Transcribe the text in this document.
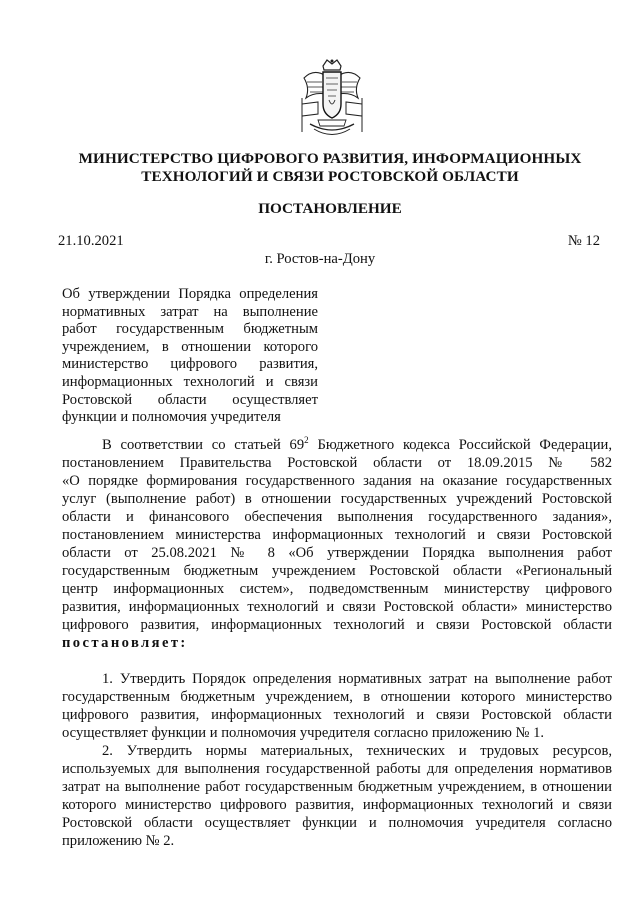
МИНИСТЕРСТВО ЦИФРОВОГО РАЗВИТИЯ, ИНФОРМАЦИОННЫХ
ТЕХНОЛОГИЙ И СВЯЗИ РОСТОВСКОЙ ОБЛАСТИ
ПОСТАНОВЛЕНИЕ
21.10.2021	№ 12
г. Ростов-на-Дону
Об утверждении Порядка определения
нормативных затрат на выполнение
работ государственным бюджетным
учреждением, в отношении которого
министерство цифрового развития,
информационных технологий и связи
Ростовской области осуществляет
функции и полномочия учредителя
В соответствии со статьей $69^2$ Бюджетного кодекса Российской Федерации,
постановлением Правительства Ростовской области от 18.09.2015 № 582
«О порядке формирования государственного задания на оказание государственных
услуг (выполнение работ) в отношении государственных учреждений Ростовской
области и финансового обеспечения выполнения государственного задания»,
постановлением министерства информационных технологий и связи Ростовской
области от 25.08.2021 № 8 «Об утверждении Порядка выполнения работ
государственным бюджетным учреждением Ростовской области «Региональный
центр информационных систем», подведомственным министерству цифрового
развития, информационных технологий и связи Ростовской области» министерство
цифрового развития, информационных технологий и связи Ростовской области
постановляет:
1. Утвердить Порядок определения нормативных затрат на выполнение работ
государственным бюджетным учреждением, в отношении которого министерство
цифрового развития, информационных технологий и связи Ростовской области
осуществляет функции и полномочия учредителя согласно приложению № 1.
2. Утвердить нормы материальных, технических и трудовых ресурсов,
используемых для выполнения государственной работы для определения нормативов
затрат на выполнение работ государственным бюджетным учреждением, в отношении
которого министерство цифрового развития, информационных технологий и связи
Ростовской области осуществляет функции и полномочия учредителя согласно
приложению № 2.
